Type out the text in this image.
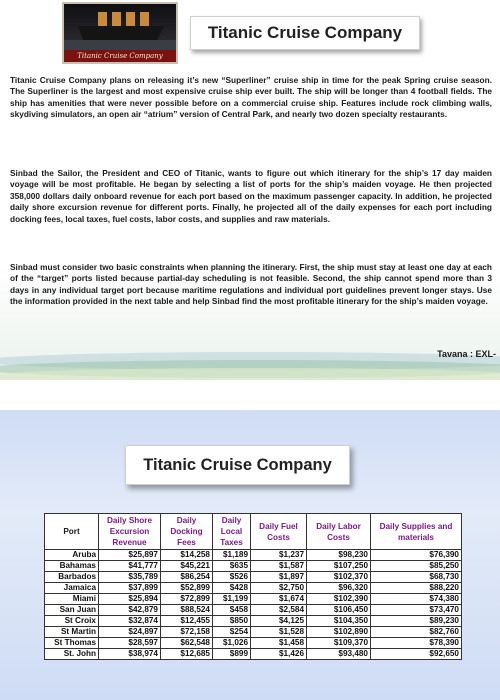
Titanic Cruise Company
Titanic Cruise Company

Titanic Cruise Company plans on releasing it’s new “Superliner” cruise ship in time for the peak Spring cruise season. The Superliner is the largest and most expensive cruise ship ever built. The ship will be longer than 4 football fields. The ship has amenities that were never possible before on a commercial cruise ship. Features include rock climbing walls, skydiving simulators, an open air “atrium” version of Central Park, and nearly two dozen specialty restaurants.

Sinbad the Sailor, the President and CEO of Titanic, wants to figure out which itinerary for the ship’s 17 day maiden voyage will be most profitable. He began by selecting a list of ports for the ship’s maiden voyage. He then projected 358,000 dollars daily onboard revenue for each port based on the maximum passenger capacity. In addition, he projected daily shore excursion revenue for different ports. Finally, he projected all of the daily expenses for each port including docking fees, local taxes, fuel costs, labor costs, and supplies and raw materials.

Sinbad must consider two basic constraints when planning the itinerary. First, the ship must stay at least one day at each of the “target” ports listed because partial-day scheduling is not feasible. Second, the ship cannot spend more than 3 days in any individual target port because maritime regulations and individual port guidelines prevent longer stays. Use the information provided in the next table and help Sinbad find the most profitable itinerary for the ship’s maiden voyage.

Tavana : EXL-
Titanic Cruise Company
Port	Daily Shore Excursion Revenue	Daily Docking Fees	Daily Local Taxes	Daily Fuel Costs	Daily Labor Costs	Daily Supplies and materials
Aruba	$25,897	$14,258	$1,189	$1,237	$98,230	$76,390
Bahamas	$41,777	$45,221	$635	$1,587	$107,250	$85,250
Barbados	$35,789	$86,254	$526	$1,897	$102,370	$68,730
Jamaica	$37,899	$52,899	$428	$2,750	$96,320	$88,220
Miami	$25,894	$72,899	$1,199	$1,674	$102,390	$74,380
San Juan	$42,879	$88,524	$458	$2,584	$106,450	$73,470
St Croix	$32,874	$12,455	$850	$4,125	$104,350	$89,230
St Martin	$24,897	$72,158	$254	$1,528	$102,890	$82,760
St Thomas	$28,597	$62,548	$1,026	$1,458	$109,370	$78,390
St. John	$38,974	$12,685	$899	$1,426	$93,480	$92,650
